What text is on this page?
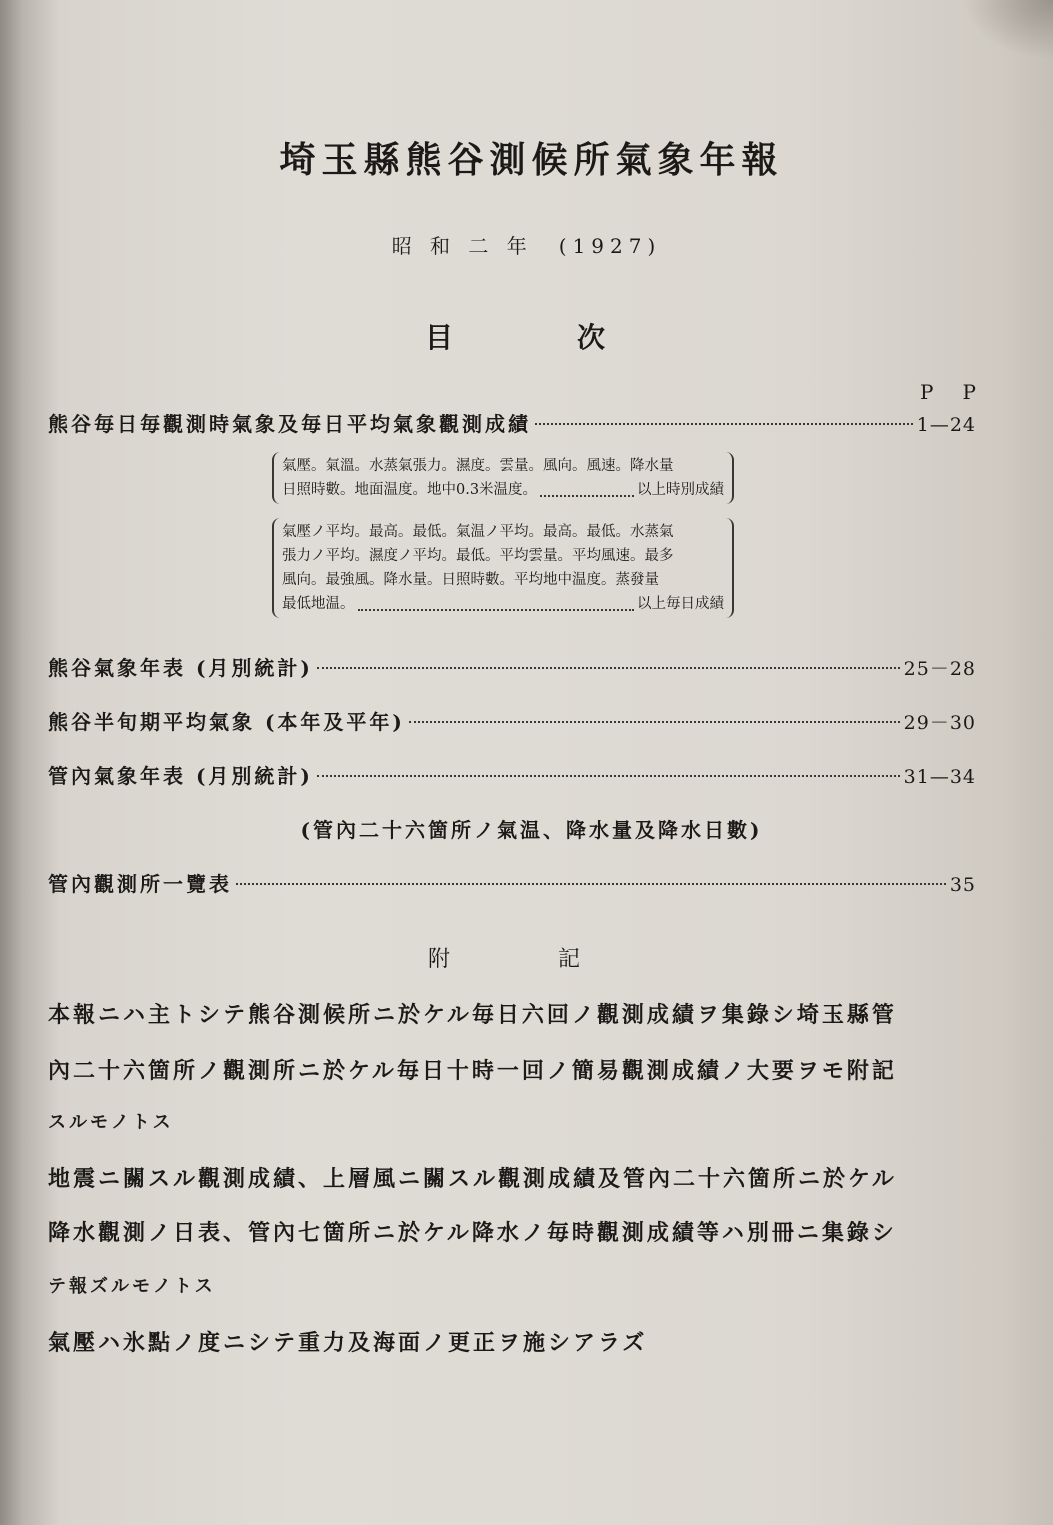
埼玉縣熊谷測候所氣象年報
昭 和 二 年　(1927)
目	次
P P
熊谷毎日毎觀測時氣象及毎日平均氣象觀測成績	1—24
氣壓。氣溫。水蒸氣張力。濕度。雲量。風向。風速。降水量
日照時數。地面温度。地中0.3米温度。	以上時別成績
氣壓ノ平均。最高。最低。氣温ノ平均。最高。最低。水蒸氣
張力ノ平均。濕度ノ平均。最低。平均雲量。平均風速。最多
風向。最強風。降水量。日照時數。平均地中温度。蒸發量
最低地温。	以上毎日成績
熊谷氣象年表 (月別統計)	25－28
熊谷半旬期平均氣象 (本年及平年)	29－30
管內氣象年表 (月別統計)	31—34
(管內二十六箇所ノ氣温、降水量及降水日數)
管內觀測所一覽表	35
附	記
本報ニハ主トシテ熊谷測候所ニ於ケル毎日六回ノ觀測成績ヲ集錄シ埼玉縣管
內二十六箇所ノ觀測所ニ於ケル毎日十時一回ノ簡易觀測成績ノ大要ヲモ附記
スルモノトス
地震ニ關スル觀測成績、上層風ニ關スル觀測成績及管內二十六箇所ニ於ケル
降水觀測ノ日表、管內七箇所ニ於ケル降水ノ毎時觀測成績等ハ別冊ニ集錄シ
テ報ズルモノトス
氣壓ハ氷點ノ度ニシテ重力及海面ノ更正ヲ施シアラズ
